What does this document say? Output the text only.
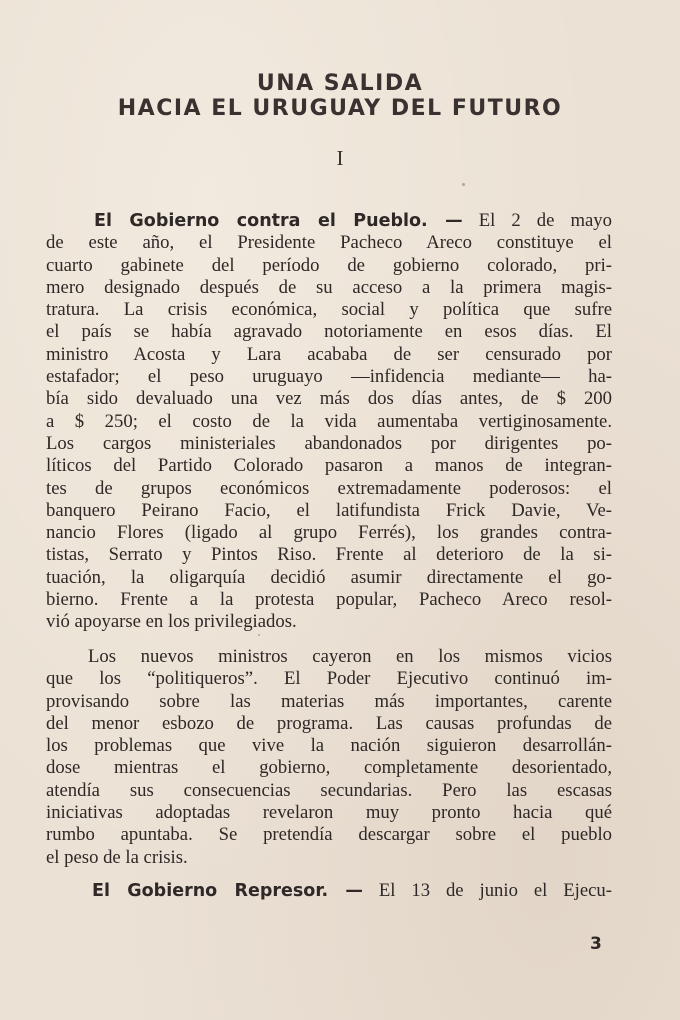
UNA SALIDA
HACIA EL URUGUAY DEL FUTURO
I
El Gobierno contra el Pueblo. — El 2 de mayo
de este año, el Presidente Pacheco Areco constituye el
cuarto gabinete del período de gobierno colorado, pri-
mero designado después de su acceso a la primera magis-
tratura. La crisis económica, social y política que sufre
el país se había agravado notoriamente en esos días. El
ministro Acosta y Lara acababa de ser censurado por
estafador; el peso uruguayo —infidencia mediante— ha-
bía sido devaluado una vez más dos días antes, de $ 200
a $ 250; el costo de la vida aumentaba vertiginosamente.
Los cargos ministeriales abandonados por dirigentes po-
líticos del Partido Colorado pasaron a manos de integran-
tes de grupos económicos extremadamente poderosos: el
banquero Peirano Facio, el latifundista Frick Davie, Ve-
nancio Flores (ligado al grupo Ferrés), los grandes contra-
tistas, Serrato y Pintos Riso. Frente al deterioro de la si-
tuación, la oligarquía decidió asumir directamente el go-
bierno. Frente a la protesta popular, Pacheco Areco resol-
vió apoyarse en los privilegiados.
Los nuevos ministros cayeron en los mismos vicios
que los “politiqueros”. El Poder Ejecutivo continuó im-
provisando sobre las materias más importantes, carente
del menor esbozo de programa. Las causas profundas de
los problemas que vive la nación siguieron desarrollán-
dose mientras el gobierno, completamente desorientado,
atendía sus consecuencias secundarias. Pero las escasas
iniciativas adoptadas revelaron muy pronto hacia qué
rumbo apuntaba. Se pretendía descargar sobre el pueblo
el peso de la crisis.
El Gobierno Represor. — El 13 de junio el Ejecu-
3
